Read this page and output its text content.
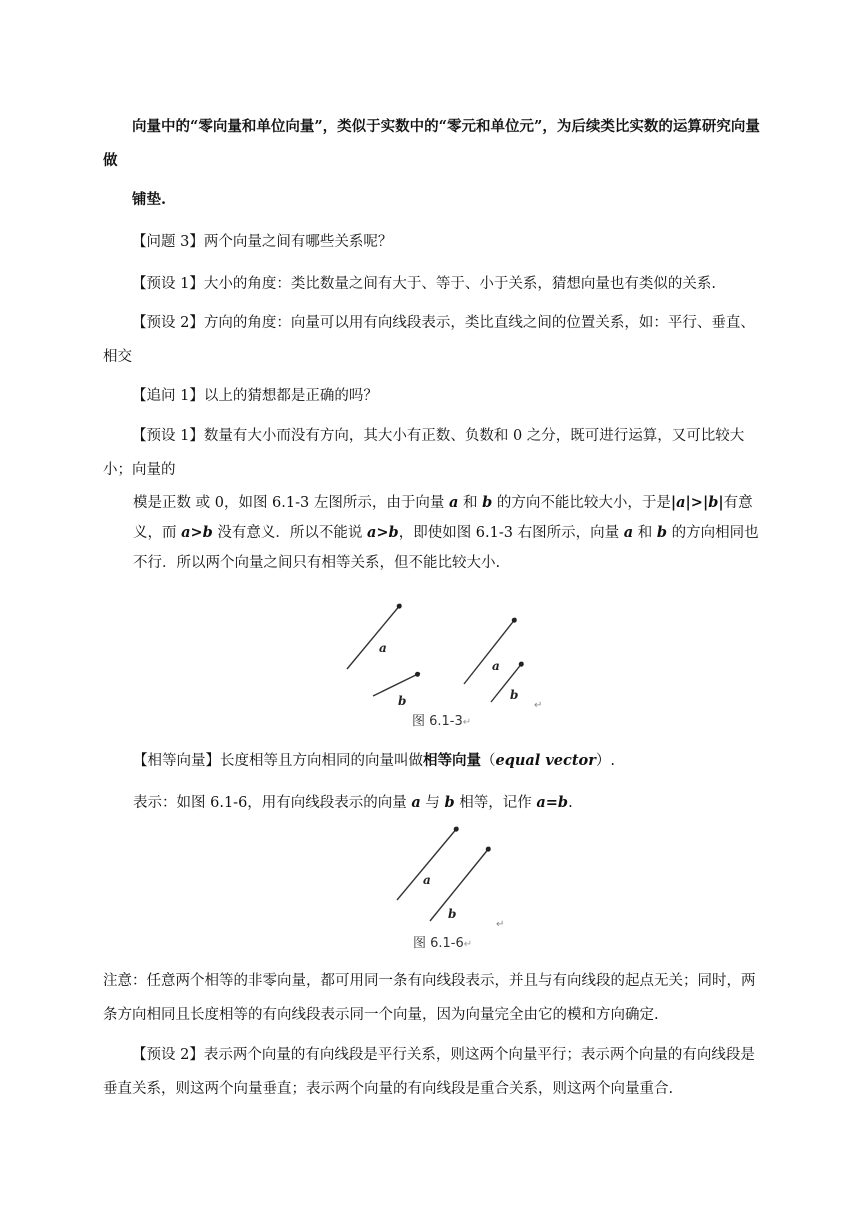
向量中的“零向量和单位向量”，类似于实数中的“零元和单位元”，为后续类比实数的运算研究向量做

铺垫.

【问题 3】两个向量之间有哪些关系呢？

【预设 1】大小的角度：类比数量之间有大于、等于、小于关系，猜想向量也有类似的关系.

【预设 2】方向的角度：向量可以用有向线段表示，类比直线之间的位置关系，如：平行、垂直、相交

【追问 1】以上的猜想都是正确的吗？

【预设 1】数量有大小而没有方向，其大小有正数、负数和 0 之分，既可进行运算，又可比较大小；向量的

模是正数 或 0，如图 6.1-3 左图所示，由于向量 a 和 b 的方向不能比较大小，于是|a|>|b|有意义，而 a>b 没有意义．所以不能说 a>b，即使如图 6.1-3 右图所示，向量 a 和 b 的方向相同也不行．所以两个向量之间只有相等关系，但不能比较大小.

a
b
a
b
↵
图 6.1-3↵

【相等向量】长度相等且方向相同的向量叫做相等向量（equal vector）.

表示：如图 6.1-6，用有向线段表示的向量 a 与 b 相等，记作 a=b.

a
b
↵
图 6.1-6↵

注意：任意两个相等的非零向量，都可用同一条有向线段表示，并且与有向线段的起点无关；同时，两条方向相同且长度相等的有向线段表示同一个向量，因为向量完全由它的模和方向确定.

【预设 2】表示两个向量的有向线段是平行关系，则这两个向量平行；表示两个向量的有向线段是垂直关系，则这两个向量垂直；表示两个向量的有向线段是重合关系，则这两个向量重合.
